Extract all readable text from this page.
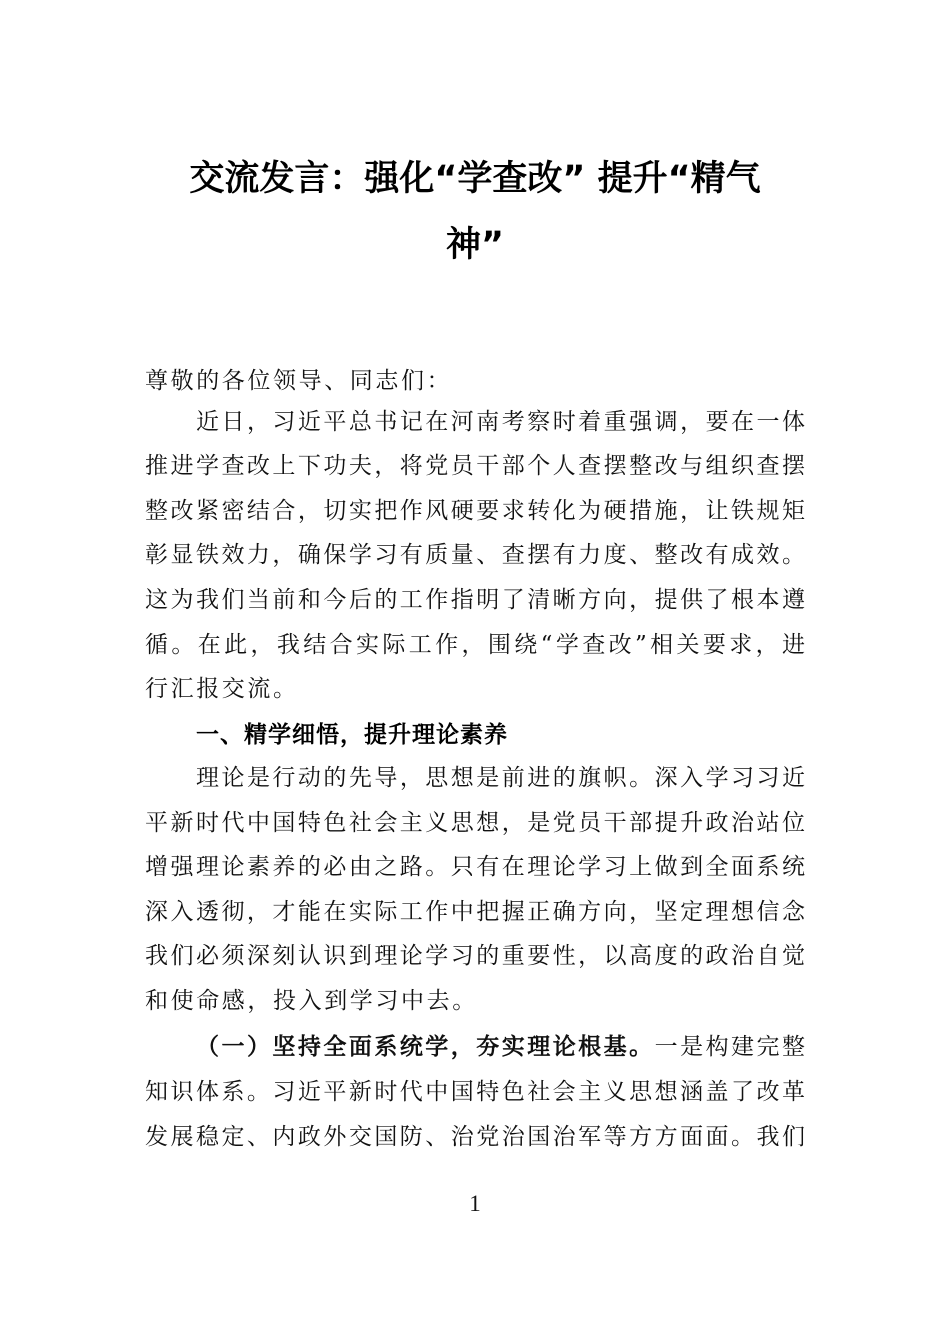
交流发言：强化“学查改” 提升“精气
神”
尊敬的各位领导、同志们：
近日，习近平总书记在河南考察时着重强调，要在一体
推进学查改上下功夫，将党员干部个人查摆整改与组织查摆
整改紧密结合，切实把作风硬要求转化为硬措施，让铁规矩
彰显铁效力，确保学习有质量、查摆有力度、整改有成效。
这为我们当前和今后的工作指明了清晰方向，提供了根本遵
循。在此，我结合实际工作，围绕“学查改”相关要求，进
行汇报交流。
一、精学细悟，提升理论素养
理论是行动的先导，思想是前进的旗帜。深入学习习近
平新时代中国特色社会主义思想，是党员干部提升政治站位
增强理论素养的必由之路。只有在理论学习上做到全面系统
深入透彻，才能在实际工作中把握正确方向，坚定理想信念
我们必须深刻认识到理论学习的重要性，以高度的政治自觉
和使命感，投入到学习中去。
（一）坚持全面系统学，夯实理论根基。一是构建完整
知识体系。习近平新时代中国特色社会主义思想涵盖了改革
发展稳定、内政外交国防、治党治国治军等方方面面。我们
1
